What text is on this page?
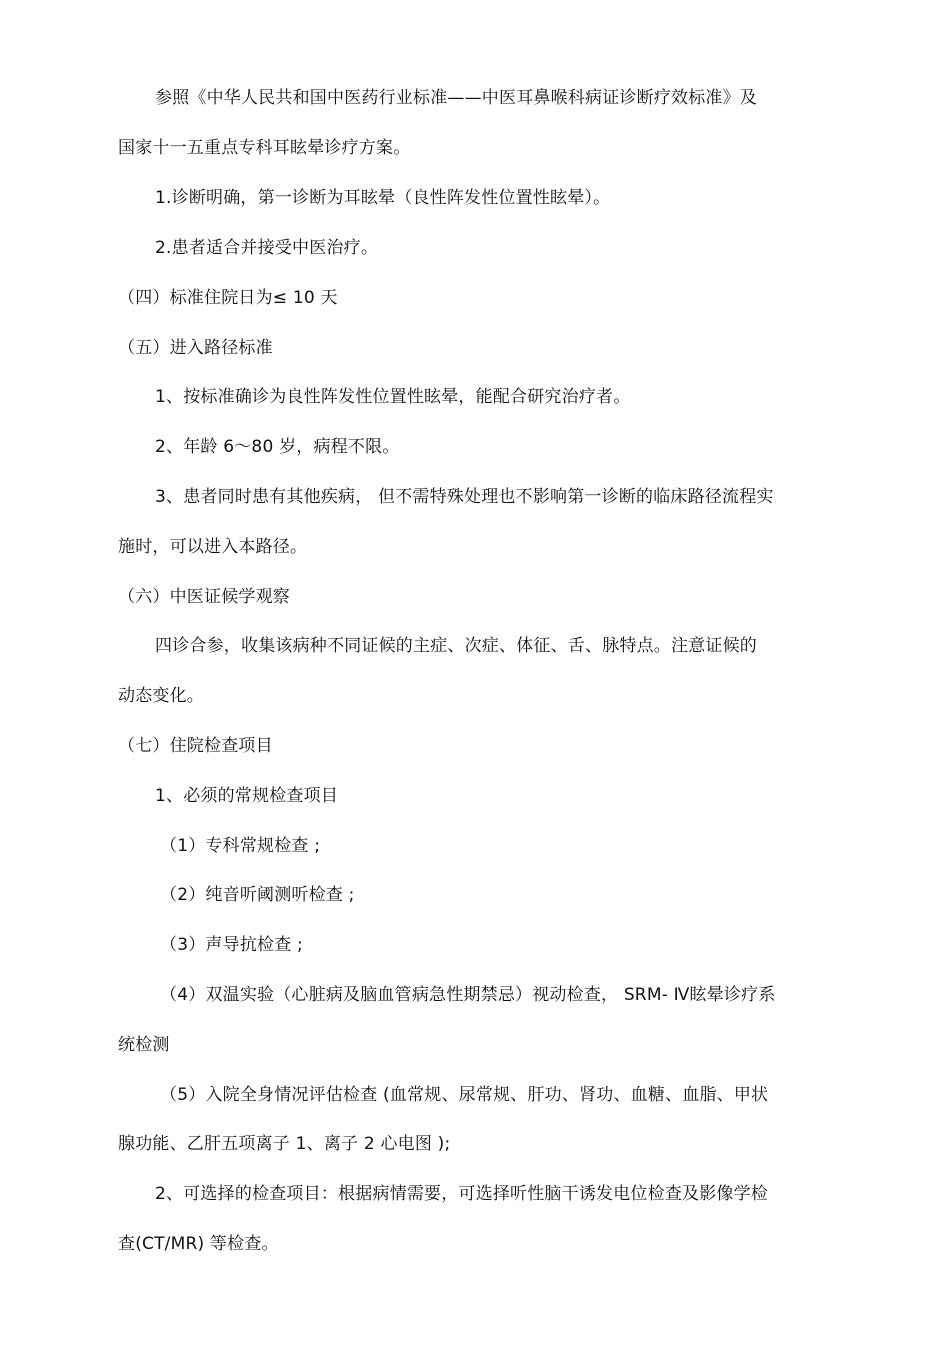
参照《中华人民共和国中医药行业标准——中医耳鼻喉科病证诊断疗效标准》及
国家十一五重点专科耳眩晕诊疗方案。
1.诊断明确，第一诊断为耳眩晕（良性阵发性位置性眩晕）。
2.患者适合并接受中医治疗。
（四）标准住院日为≤ 10 天
（五）进入路径标准
1、按标准确诊为良性阵发性位置性眩晕，能配合研究治疗者。
2、年龄 6～80 岁，病程不限。
3、患者同时患有其他疾病， 但不需特殊处理也不影响第一诊断的临床路径流程实
施时，可以进入本路径。
（六）中医证候学观察
四诊合参，收集该病种不同证候的主症、次症、体征、舌、脉特点。注意证候的
动态变化。
（七）住院检查项目
1、必须的常规检查项目
（1）专科常规检查 ;
（2）纯音听阈测听检查 ;
（3）声导抗检查 ;
（4）双温实验（心脏病及脑血管病急性期禁忌）视动检查， SRM- Ⅳ眩晕诊疗系
统检测
（5）入院全身情况评估检查 (血常规、尿常规、肝功、肾功、血糖、血脂、甲状
腺功能、乙肝五项离子 1、离子 2 心电图 );
2、可选择的检查项目：根据病情需要，可选择听性脑干诱发电位检查及影像学检
查(CT/MR) 等检查。
